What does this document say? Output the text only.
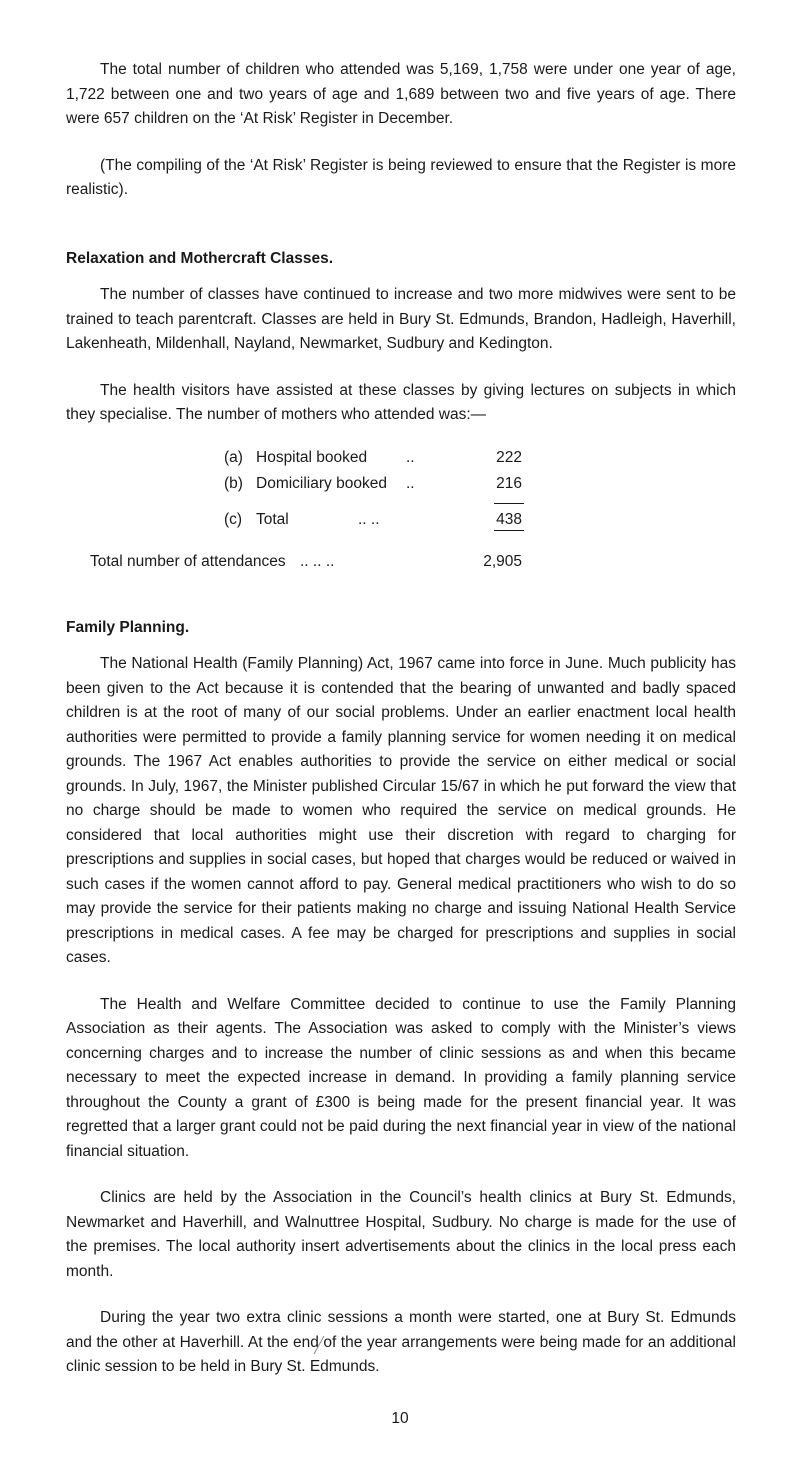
The total number of children who attended was 5,169, 1,758 were under one year of age, 1,722 between one and two years of age and 1,689 between two and five years of age. There were 657 children on the ‘At Risk’ Register in December.

(The compiling of the ‘At Risk’ Register is being reviewed to ensure that the Register is more realistic).

Relaxation and Mothercraft Classes.

The number of classes have continued to increase and two more midwives were sent to be trained to teach parentcraft. Classes are held in Bury St. Edmunds, Brandon, Hadleigh, Haverhill, Lakenheath, Mildenhall, Nayland, Newmarket, Sudbury and Kedington.

The health visitors have assisted at these classes by giving lectures on subjects in which they specialise. The number of mothers who attended was:—

(a) Hospital booked	..	222
(b) Domiciliary booked ..	216
(c) Total	.. ..	438
Total number of attendances .. .. ..	2,905
Family Planning.

The National Health (Family Planning) Act, 1967 came into force in June. Much publicity has been given to the Act because it is contended that the bearing of unwanted and badly spaced children is at the root of many of our social problems. Under an earlier enactment local health authorities were permitted to provide a family planning service for women needing it on medical grounds. The 1967 Act enables authorities to provide the service on either medical or social grounds. In July, 1967, the Minister published Circular 15/67 in which he put forward the view that no charge should be made to women who required the service on medical grounds. He considered that local authorities might use their discretion with regard to charging for prescriptions and supplies in social cases, but hoped that charges would be reduced or waived in such cases if the women cannot afford to pay. General medical practitioners who wish to do so may provide the service for their patients making no charge and issuing National Health Service prescriptions in medical cases. A fee may be charged for prescriptions and supplies in social cases.

The Health and Welfare Committee decided to continue to use the Family Planning Association as their agents. The Association was asked to comply with the Minister’s views concerning charges and to increase the number of clinic sessions as and when this became necessary to meet the expected increase in demand. In providing a family planning service throughout the County a grant of £300 is being made for the present financial year. It was regretted that a larger grant could not be paid during the next financial year in view of the national financial situation.

Clinics are held by the Association in the Council’s health clinics at Bury St. Edmunds, Newmarket and Haverhill, and Walnuttree Hospital, Sudbury. No charge is made for the use of the premises. The local authority insert advertisements about the clinics in the local press each month.

During the year two extra clinic sessions a month were started, one at Bury St. Edmunds and the other at Haverhill. At the end of the year arrangements were being made for an additional clinic session to be held in Bury St. Edmunds.

10
